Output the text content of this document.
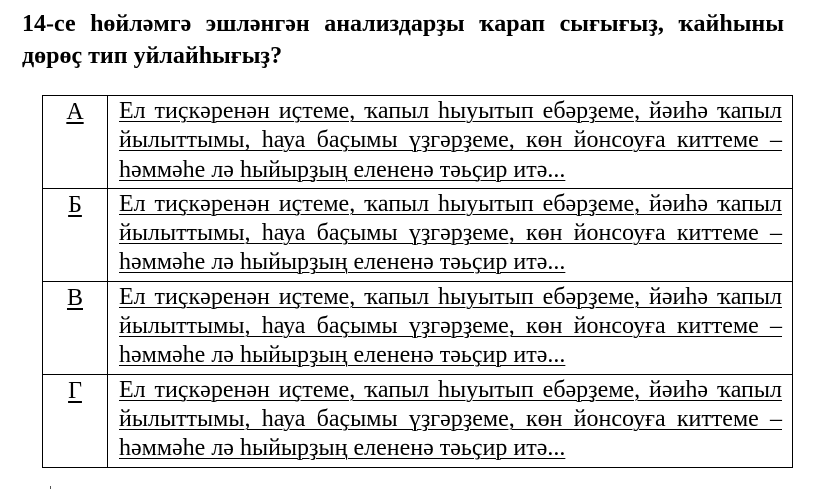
14-се һөйләмгә эшләнгән анализдарҙы ҡарап сығығыҙ, ҡайһыны дөрөҫ тип уйлайһығыҙ?

А	Ел тиҫкәренән иҫтеме, ҡапыл һыуытып ебәрҙеме, йәиһә ҡапыл
йылыттымы, һауа баҫымы үҙгәрҙеме, көн йонсоуға киттеме –
һәммәһе лә һыйырҙың елененә тәьҫир итә...

Б	Ел тиҫкәренән иҫтеме, ҡапыл һыуытып ебәрҙеме, йәиһә ҡапыл
йылыттымы, һауа баҫымы үҙгәрҙеме, көн йонсоуға киттеме –
һәммәһе лә һыйырҙың елененә тәьҫир итә...

В	Ел тиҫкәренән иҫтеме, ҡапыл һыуытып ебәрҙеме, йәиһә ҡапыл
йылыттымы, һауа баҫымы үҙгәрҙеме, көн йонсоуға киттеме –
һәммәһе лә һыйырҙың елененә тәьҫир итә...

Г	Ел тиҫкәренән иҫтеме, ҡапыл һыуытып ебәрҙеме, йәиһә ҡапыл
йылыттымы, һауа баҫымы үҙгәрҙеме, көн йонсоуға киттеме –
һәммәһе лә һыйырҙың елененә тәьҫир итә...
